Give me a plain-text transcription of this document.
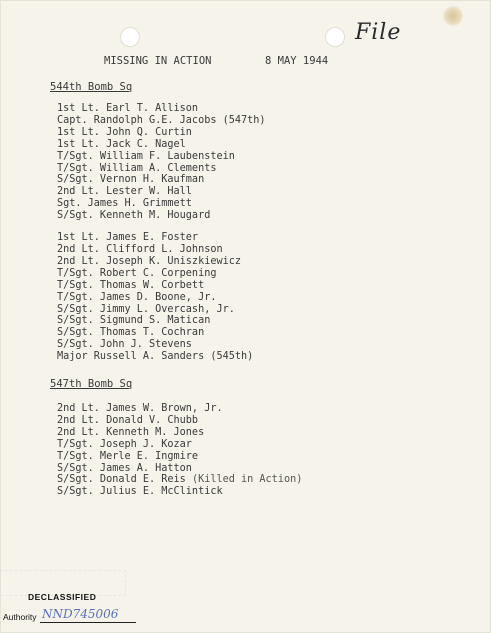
File
MISSING IN ACTION	8 MAY 1944
544th Bomb Sq
1st Lt. Earl T. Allison
Capt. Randolph G.E. Jacobs (547th)
1st Lt. John Q. Curtin
1st Lt. Jack C. Nagel
T/Sgt. William F. Laubenstein
T/Sgt. William A. Clements
S/Sgt. Vernon H. Kaufman
2nd Lt. Lester W. Hall
Sgt. James H. Grimmett
S/Sgt. Kenneth M. Hougard
1st Lt. James E. Foster
2nd Lt. Clifford L. Johnson
2nd Lt. Joseph K. Uniszkiewicz
T/Sgt. Robert C. Corpening
T/Sgt. Thomas W. Corbett
T/Sgt. James D. Boone, Jr.
S/Sgt. Jimmy L. Overcash, Jr.
S/Sgt. Sigmund S. Matican
S/Sgt. Thomas T. Cochran
S/Sgt. John J. Stevens
Major Russell A. Sanders (545th)
547th Bomb Sq
2nd Lt. James W. Brown, Jr.
2nd Lt. Donald V. Chubb
2nd Lt. Kenneth M. Jones
T/Sgt. Joseph J. Kozar
T/Sgt. Merle E. Ingmire
S/Sgt. James A. Hatton
S/Sgt. Donald E. Reis (Killed in Action)
S/Sgt. Julius E. McClintick
DECLASSIFIED
Authority NND745006
